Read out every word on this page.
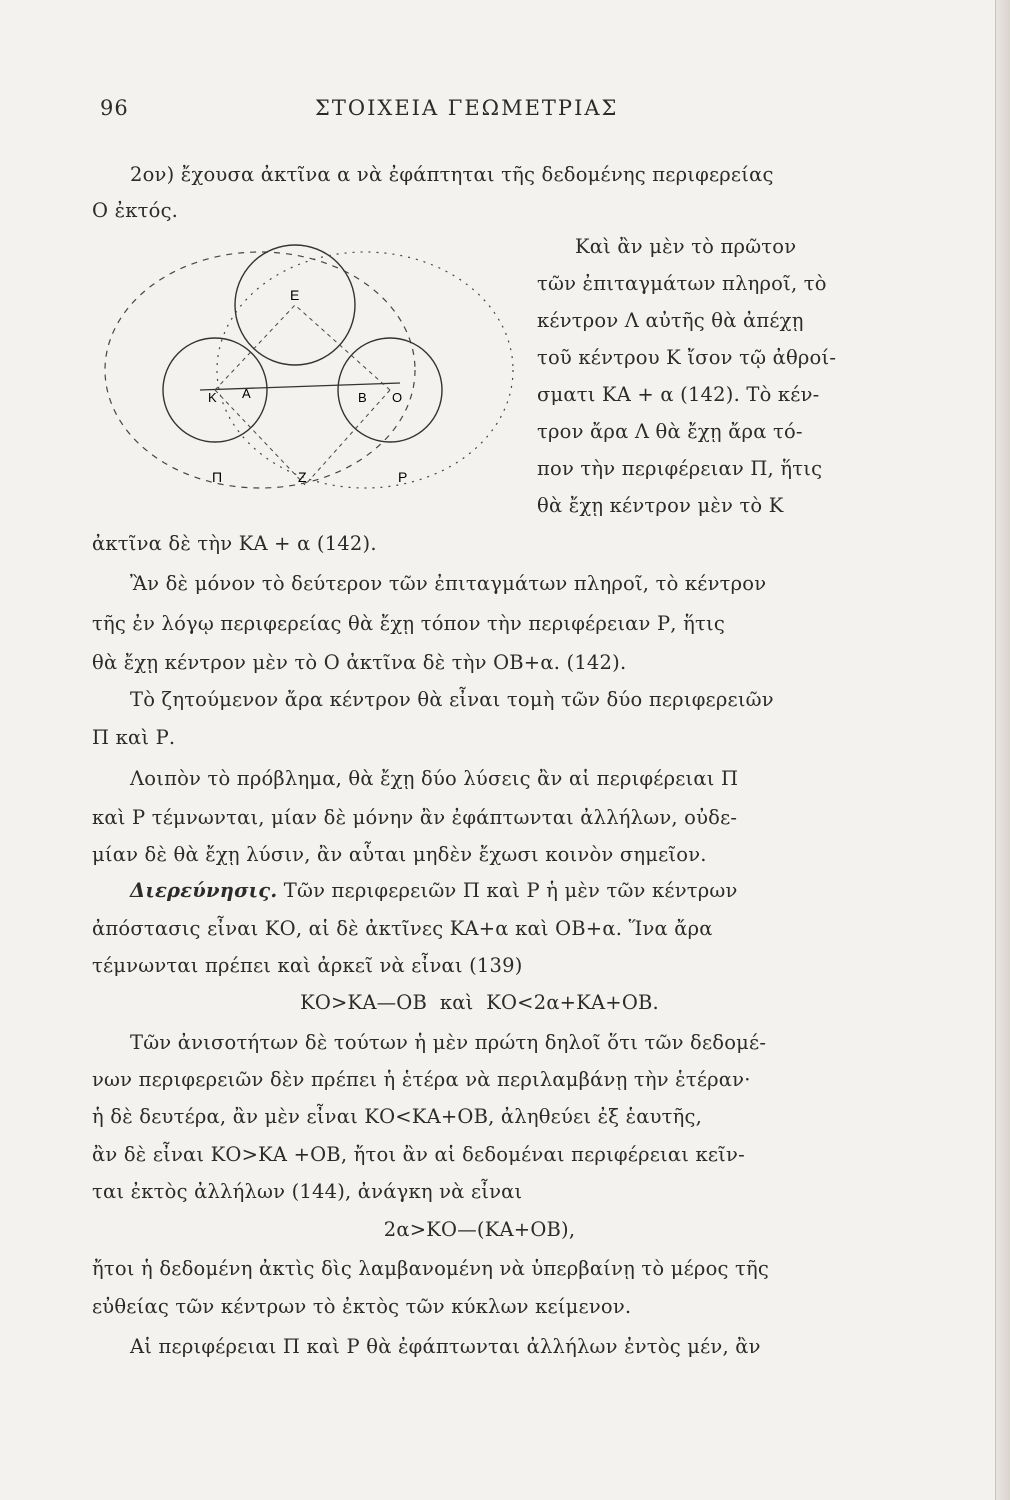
96	ΣΤΟΙΧΕΙΑ ΓΕΩΜΕΤΡΙΑΣ
2ον) ἔχουσα ἀκτῖνα α νὰ ἐφάπτηται τῆς δεδομένης περιφερείας
Ο ἐκτός.
E
K A	B O
Z
Π	P
Καὶ ἂν μὲν τὸ πρῶτον
τῶν ἐπιταγμάτων πληροῖ, τὸ
κέντρον Λ αὐτῆς θὰ ἀπέχῃ
τοῦ κέντρου Κ ἴσον τῷ ἀθροί-
σματι ΚΑ + α (142). Τὸ κέν-
τρον ἄρα Λ θὰ ἔχῃ ἄρα τό-
πον τὴν περιφέρειαν Π, ἥτις
θὰ ἔχῃ κέντρον μὲν τὸ Κ
ἀκτῖνα δὲ τὴν ΚΑ + α (142).
Ἂν δὲ μόνον τὸ δεύτερον τῶν ἐπιταγμάτων πληροῖ, τὸ κέντρον
τῆς ἐν λόγῳ περιφερείας θὰ ἔχῃ τόπον τὴν περιφέρειαν Ρ, ἥτις
θὰ ἔχῃ κέντρον μὲν τὸ Ο ἀκτῖνα δὲ τὴν ΟΒ+α. (142).
Τὸ ζητούμενον ἄρα κέντρον θὰ εἶναι τομὴ τῶν δύο περιφερειῶν
Π καὶ Ρ.
Λοιπὸν τὸ πρόβλημα, θὰ ἔχῃ δύο λύσεις ἂν αἱ περιφέρειαι Π
καὶ Ρ τέμνωνται, μίαν δὲ μόνην ἂν ἐφάπτωνται ἀλλήλων, οὐδε-
μίαν δὲ θὰ ἔχῃ λύσιν, ἂν αὗται μηδὲν ἔχωσι κοινὸν σημεῖον.
Διερεύνησις. Τῶν περιφερειῶν Π καὶ Ρ ἡ μὲν τῶν κέντρων
ἀπόστασις εἶναι ΚΟ, αἱ δὲ ἀκτῖνες ΚΑ+α καὶ ΟΒ+α. Ἵνα ἄρα
τέμνωνται πρέπει καὶ ἀρκεῖ νὰ εἶναι (139)
ΚΟ>ΚΑ—ΟΒ  καὶ  ΚΟ<2α+ΚΑ+ΟΒ.
Τῶν ἀνισοτήτων δὲ τούτων ἡ μὲν πρώτη δηλοῖ ὅτι τῶν δεδομέ-
νων περιφερειῶν δὲν πρέπει ἡ ἑτέρα νὰ περιλαμβάνῃ τὴν ἑτέραν·
ἡ δὲ δευτέρα, ἂν μὲν εἶναι ΚΟ<ΚΑ+ΟΒ, ἀληθεύει ἐξ ἑαυτῆς,
ἂν δὲ εἶναι ΚΟ>ΚΑ +ΟΒ, ἤτοι ἂν αἱ δεδομέναι περιφέρειαι κεῖν-
ται ἐκτὸς ἀλλήλων (144), ἀνάγκη νὰ εἶναι
2α>ΚΟ—(ΚΑ+ΟΒ),
ἤτοι ἡ δεδομένη ἀκτὶς δὶς λαμβανομένη νὰ ὑπερβαίνῃ τὸ μέρος τῆς
εὐθείας τῶν κέντρων τὸ ἐκτὸς τῶν κύκλων κείμενον.
Αἱ περιφέρειαι Π καὶ Ρ θὰ ἐφάπτωνται ἀλλήλων ἐντὸς μέν, ἂν
